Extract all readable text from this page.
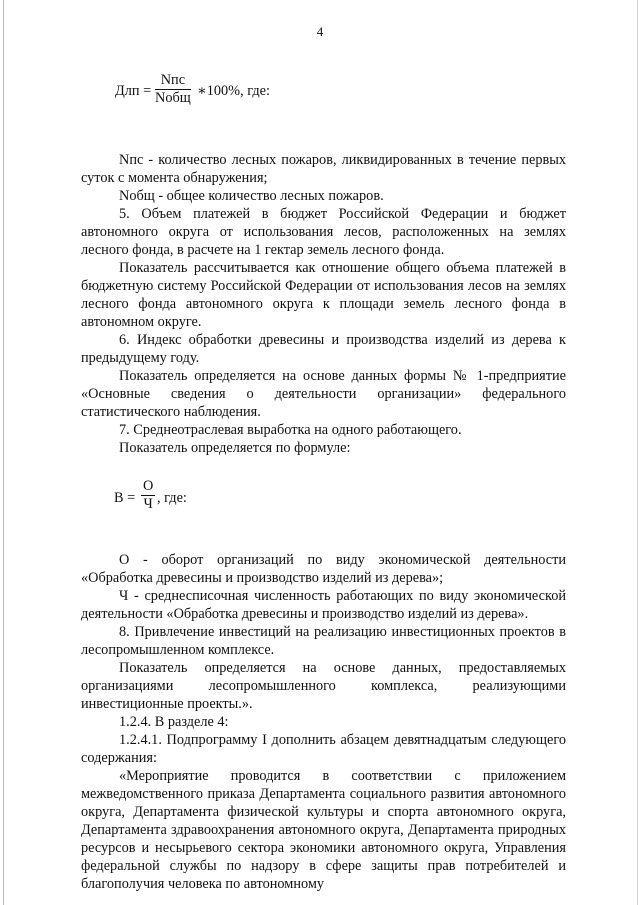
4
Длп =
Nпс
Nобщ ∗100%, где:

Nпс - количество лесных пожаров, ликвидированных в течение первых суток с момента обнаружения;

Nобщ - общее количество лесных пожаров.

5. Объем платежей в бюджет Российской Федерации и бюджет автономного округа от использования лесов, расположенных на землях лесного фонда, в расчете на 1 гектар земель лесного фонда.

Показатель рассчитывается как отношение общего объема платежей в бюджетную систему Российской Федерации от использования лесов на землях лесного фонда автономного округа к площади земель лесного фонда в автономном округе.

6. Индекс обработки древесины и производства изделий из дерева к предыдущему году.

Показатель определяется на основе данных формы № 1-предприятие «Основные сведения о деятельности организации» федерального статистического наблюдения.

7. Среднеотраслевая выработка на одного работающего.

Показатель определяется по формуле:

В =
О
Ч , где:

О - оборот организаций по виду экономической деятельности «Обработка древесины и производство изделий из дерева»;

Ч - среднесписочная численность работающих по виду экономической деятельности «Обработка древесины и производство изделий из дерева».

8. Привлечение инвестиций на реализацию инвестиционных проектов в лесопромышленном комплексе.

Показатель определяется на основе данных, предоставляемых организациями лесопромышленного комплекса, реализующими инвестиционные проекты.».

1.2.4. В разделе 4:

1.2.4.1. Подпрограмму I дополнить абзацем девятнадцатым следующего содержания:

«Мероприятие проводится в соответствии с приложением межведомственного приказа Департамента социального развития автономного округа, Департамента физической культуры и спорта автономного округа, Департамента здравоохранения автономного округа, Департамента природных ресурсов и несырьевого сектора экономики автономного округа, Управления федеральной службы по надзору в сфере защиты прав потребителей и благополучия человека по автономному
